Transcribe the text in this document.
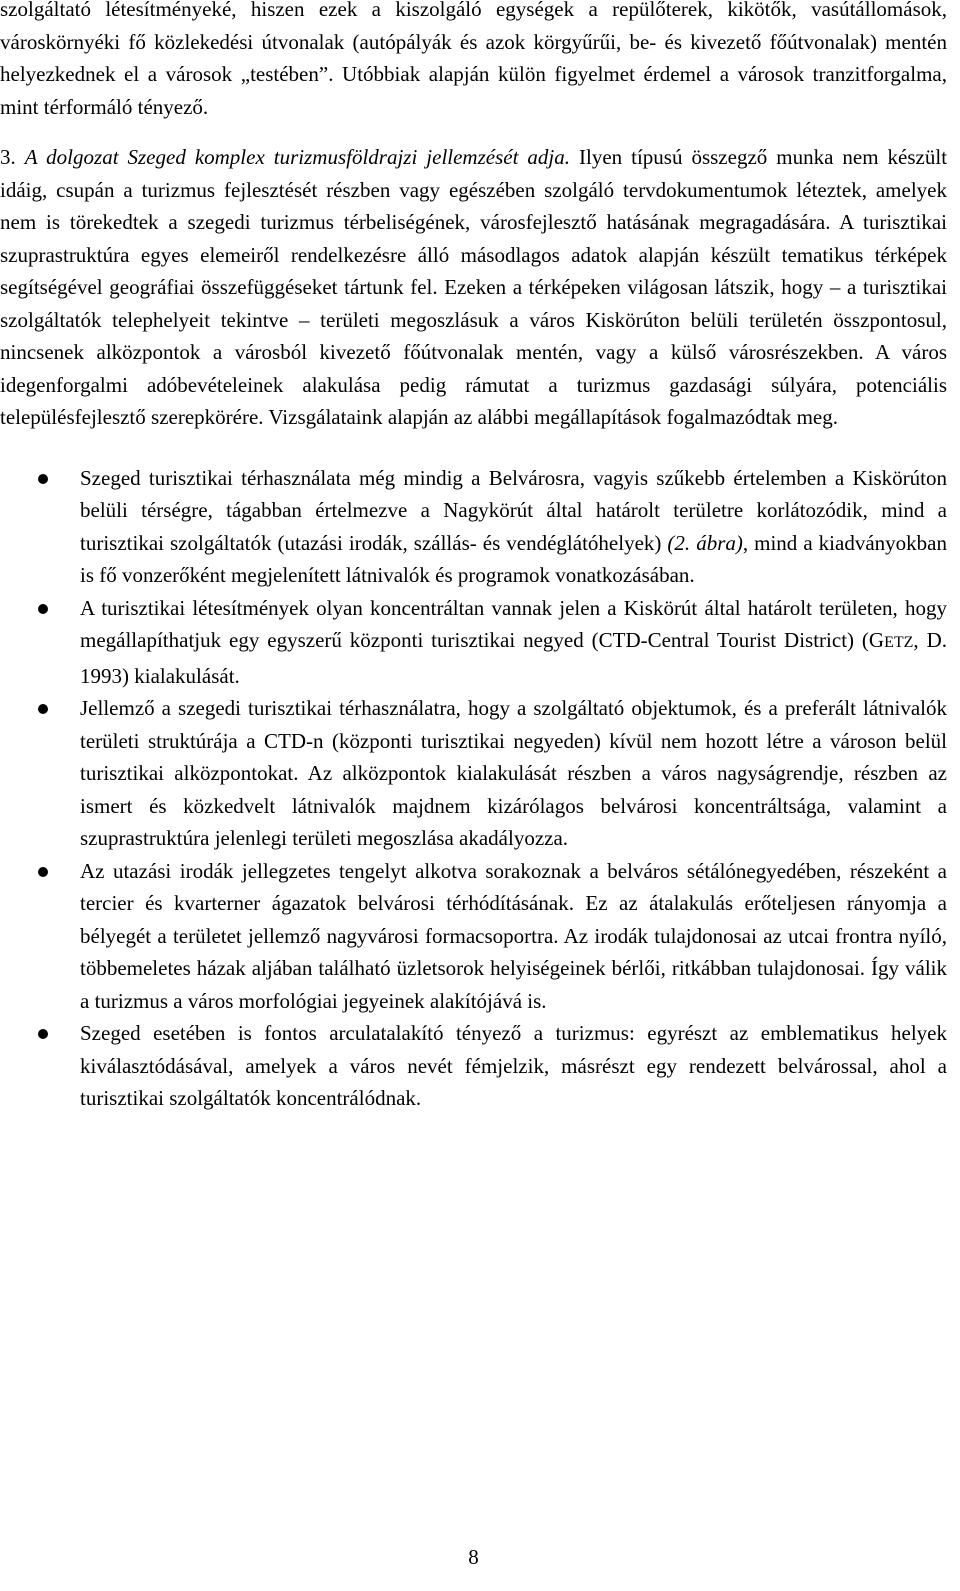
szolgáltató létesítményeké, hiszen ezek a kiszolgáló egységek a repülőterek, kikötők, vasútállomások, városkörnyéki fő közlekedési útvonalak (autópályák és azok körgyűrűi, be- és kivezető főútvonalak) mentén helyezkednek el a városok „testében”. Utóbbiak alapján külön figyelmet érdemel a városok tranzitforgalma, mint térformáló tényező.

3. A dolgozat Szeged komplex turizmusföldrajzi jellemzését adja. Ilyen típusú összegző munka nem készült idáig, csupán a turizmus fejlesztését részben vagy egészében szolgáló tervdokumentumok léteztek, amelyek nem is törekedtek a szegedi turizmus térbeliségének, városfejlesztő hatásának megragadására. A turisztikai szuprastruktúra egyes elemeiről rendelkezésre álló másodlagos adatok alapján készült tematikus térképek segítségével geográfiai összefüggéseket tártunk fel. Ezeken a térképeken világosan látszik, hogy – a turisztikai szolgáltatók telephelyeit tekintve – területi megoszlásuk a város Kiskörúton belüli területén összpontosul, nincsenek alközpontok a városból kivezető főútvonalak mentén, vagy a külső városrészekben. A város idegenforgalmi adóbevételeinek alakulása pedig rámutat a turizmus gazdasági súlyára, potenciális településfejlesztő szerepkörére. Vizsgálataink alapján az alábbi megállapítások fogalmazódtak meg.

Szeged turisztikai térhasználata még mindig a Belvárosra, vagyis szűkebb értelemben a Kiskörúton belüli térségre, tágabban értelmezve a Nagykörút által határolt területre korlátozódik, mind a turisztikai szolgáltatók (utazási irodák, szállás- és vendéglátóhelyek) (2. ábra), mind a kiadványokban is fő vonzerőként megjelenített látnivalók és programok vonatkozásában.
A turisztikai létesítmények olyan koncentráltan vannak jelen a Kiskörút által határolt területen, hogy megállapíthatjuk egy egyszerű központi turisztikai negyed (CTD-Central Tourist District) (GETZ, D. 1993) kialakulását.
Jellemző a szegedi turisztikai térhasználatra, hogy a szolgáltató objektumok, és a preferált látnivalók területi struktúrája a CTD-n (központi turisztikai negyeden) kívül nem hozott létre a városon belül turisztikai alközpontokat. Az alközpontok kialakulását részben a város nagyságrendje, részben az ismert és közkedvelt látnivalók majdnem kizárólagos belvárosi koncentráltsága, valamint a szuprastruktúra jelenlegi területi megoszlása akadályozza.
Az utazási irodák jellegzetes tengelyt alkotva sorakoznak a belváros sétálónegyedében, részeként a tercier és kvarterner ágazatok belvárosi térhódításának. Ez az átalakulás erőteljesen rányomja a bélyegét a területet jellemző nagyvárosi formacsoportra. Az irodák tulajdonosai az utcai frontra nyíló, többemeletes házak aljában található üzletsorok helyiségeinek bérlői, ritkábban tulajdonosai. Így válik a turizmus a város morfológiai jegyeinek alakítójává is.
Szeged esetében is fontos arculatalakító tényező a turizmus: egyrészt az emblematikus helyek kiválasztódásával, amelyek a város nevét fémjelzik, másrészt egy rendezett belvárossal, ahol a turisztikai szolgáltatók koncentrálódnak.
8
